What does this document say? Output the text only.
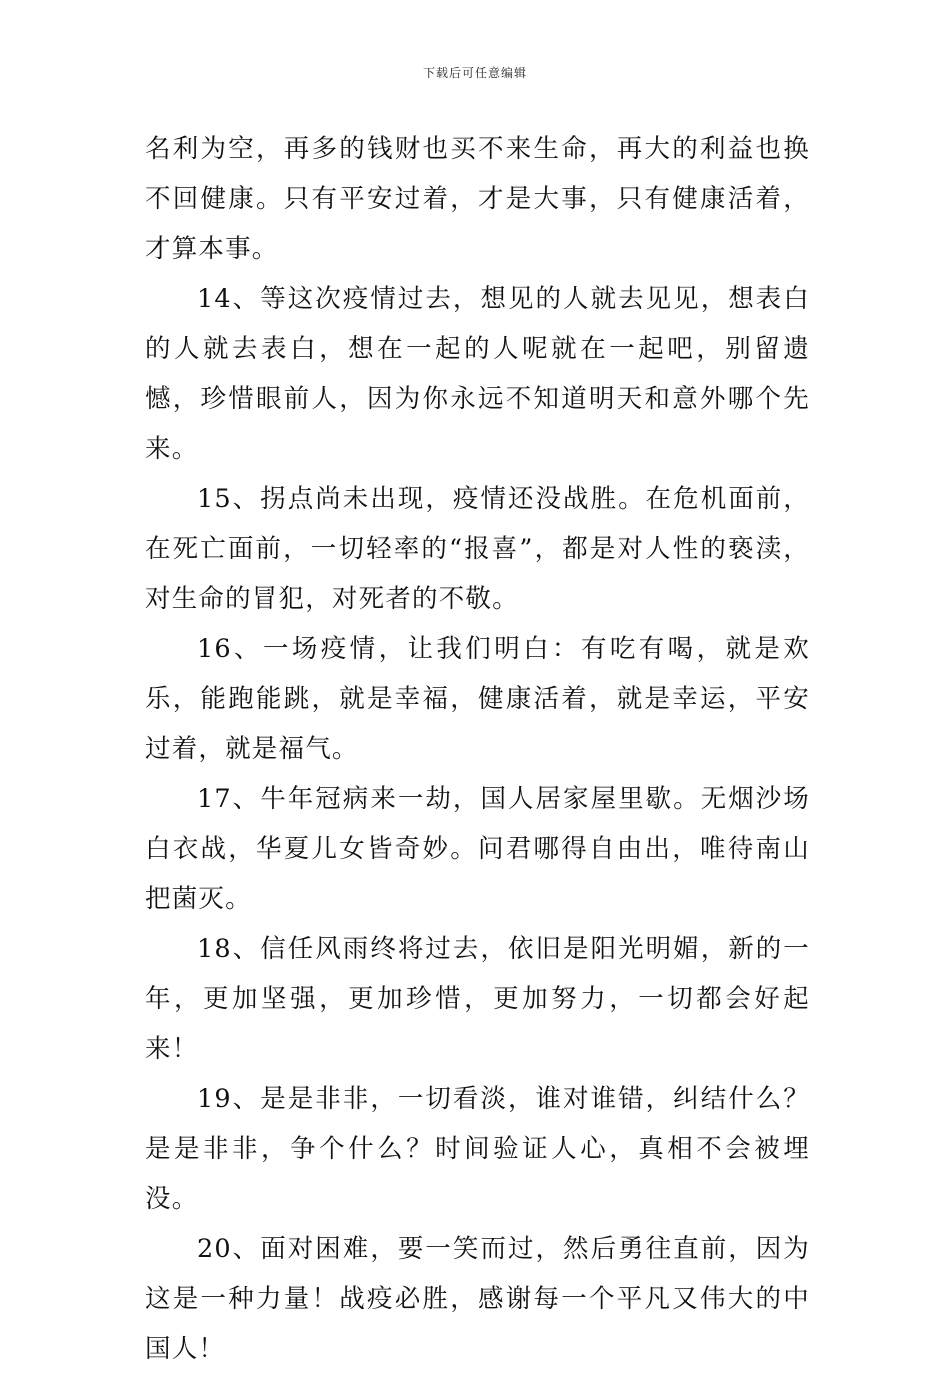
下载后可任意编辑

名利为空，再多的钱财也买不来生命，再大的利益也换不回健康。只有平安过着，才是大事，只有健康活着，才算本事。

14、等这次疫情过去，想见的人就去见见，想表白的人就去表白，想在一起的人呢就在一起吧，别留遗憾，珍惜眼前人，因为你永远不知道明天和意外哪个先来。

15、拐点尚未出现，疫情还没战胜。在危机面前，在死亡面前，一切轻率的“报喜”，都是对人性的亵渎，对生命的冒犯，对死者的不敬。

16、一场疫情，让我们明白：有吃有喝，就是欢乐，能跑能跳，就是幸福，健康活着，就是幸运，平安过着，就是福气。

17、牛年冠病来一劫，国人居家屋里歇。无烟沙场白衣战，华夏儿女皆奇妙。问君哪得自由出，唯待南山把菌灭。

18、信任风雨终将过去，依旧是阳光明媚，新的一年，更加坚强，更加珍惜，更加努力，一切都会好起来！

19、是是非非，一切看淡，谁对谁错，纠结什么？是是非非，争个什么？时间验证人心，真相不会被埋没。

20、面对困难，要一笑而过，然后勇往直前，因为这是一种力量！战疫必胜，感谢每一个平凡又伟大的中国人！
